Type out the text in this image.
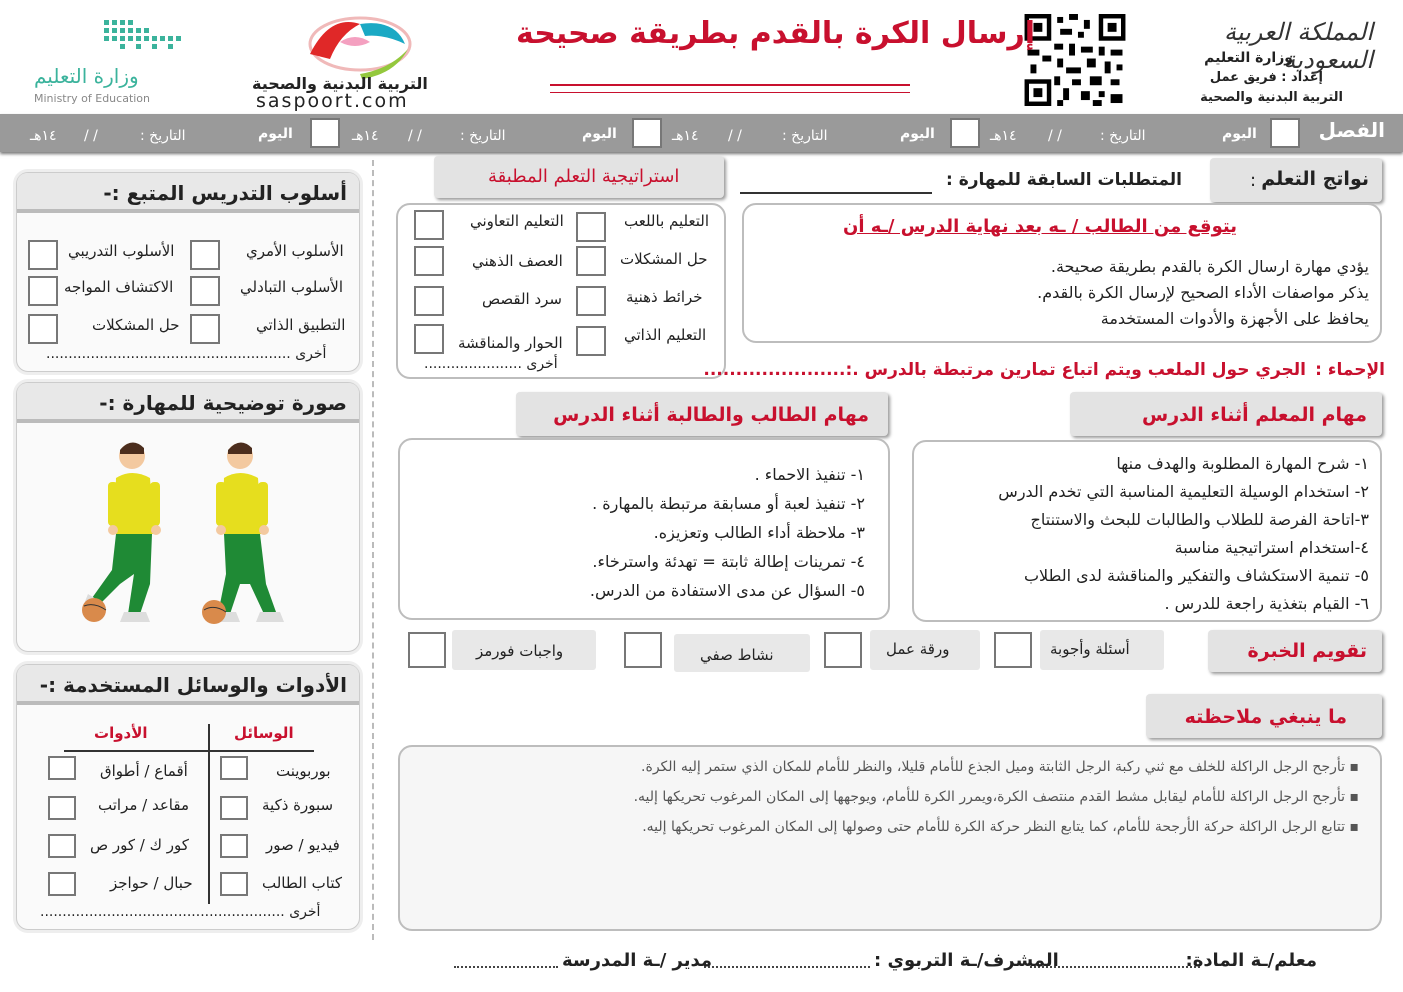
المملكة العربية السعودية
وزارة التعليم
إعداد : فريق عمل
التربية البدنية والصحية
إرسال الكرة بالقدم بطريقة صحيحة
التربية البدنية والصحية
saspoort.com
وزارة التعليم
Ministry of Education
الفصل
اليوم
التاريخ :
/ /
١٤هـ
اليوم
التاريخ :
/ /
١٤هـ
اليوم
التاريخ :
/ /
١٤هـ
اليوم
التاريخ :
/ /
١٤هـ
نواتج التعلم
:
المتطلبات السابقة للمهارة :
يتوقع من الطالب / ـه بعد نهاية الدرس /ـه أن
يؤدي مهارة ارسال الكرة بالقدم بطريقة صحيحة.
يذكر مواصفات الأداء الصحيح لإرسال الكرة بالقدم.
يحافظ على الأجهزة والأدوات المستخدمة
استراتيجية التعلم المطبقة
التعليم باللعب
حل المشكلات
خرائط ذهنية
التعليم الذاتي
التعليم التعاوني
العصف الذهني
سرد القصص
الحوار والمناقشة
أخرى ......................	الإحماء :
الجري حول الملعب ويتم اتباع تمارين مرتبطة بالدرس .:......................
مهام المعلم أثناء الدرس
١- شرح المهارة المطلوبة والهدف منها
٢- استخدام الوسيلة التعليمية المناسبة التي تخدم الدرس
٣-اتاحة الفرصة للطلاب والطالبات للبحث والاستنتاج
٤-استخدام استراتيجية مناسبة
٥- تنمية الاستكشاف والتفكير والمناقشة لدى الطلاب
٦- القيام بتغذية راجعة للدرس .
مهام الطالب والطالبة أثناء الدرس
١- تنفيذ الاحماء .
٢- تنفيذ لعبة أو مسابقة مرتبطة بالمهارة .
٣- ملاحظة أداء الطالب وتعزيزه.
٤- تمرينات إطالة ثابتة = تهدئة واسترخاء.
٥- السؤال عن مدى الاستفادة من الدرس.
تقويم الخبرة
أسئلة وأجوبة
ورقة عمل
نشاط صفي
واجبات فورمز
ما ينبغي ملاحظته
▪ تأرجح الرجل الراكلة للخلف مع ثني ركبة الرجل الثابتة وميل الجذع للأمام قليلا، والنظر للأمام للمكان الذي ستمر إليه الكرة.
▪ تأرجح الرجل الراكلة للأمام ليقابل مشط القدم منتصف الكرة،ويمرر الكرة للأمام، ويوجهها إلى المكان المرغوب تحريكها إليه.
▪ تتابع الرجل الراكلة حركة الأرجحة للأمام، كما يتابع النظر حركة الكرة للأمام حتى وصولها إلى المكان المرغوب تحريكها إليه.
معلم/ـة المادة:
المشرف/ـة التربوي :
مدير /ـة المدرسة
أسلوب التدريس المتبع :-
الأسلوب الأمري
الأسلوب التبادلي
التطبيق الذاتي
الأسلوب التدريبي
الاكتشاف المواجه
حل المشكلات
أخرى .......................................................
صورة توضيحية للمهارة :-
الأدوات والوسائل المستخدمة :-
الوسائل
الأدوات
بوربوينت
سبورة ذكية
فيديو / صور
كتاب الطالب
أقماع / أطواق
مقاعد / مراتب
كور ك / كور ص
حبال / حواجز
أخرى .......................................................
